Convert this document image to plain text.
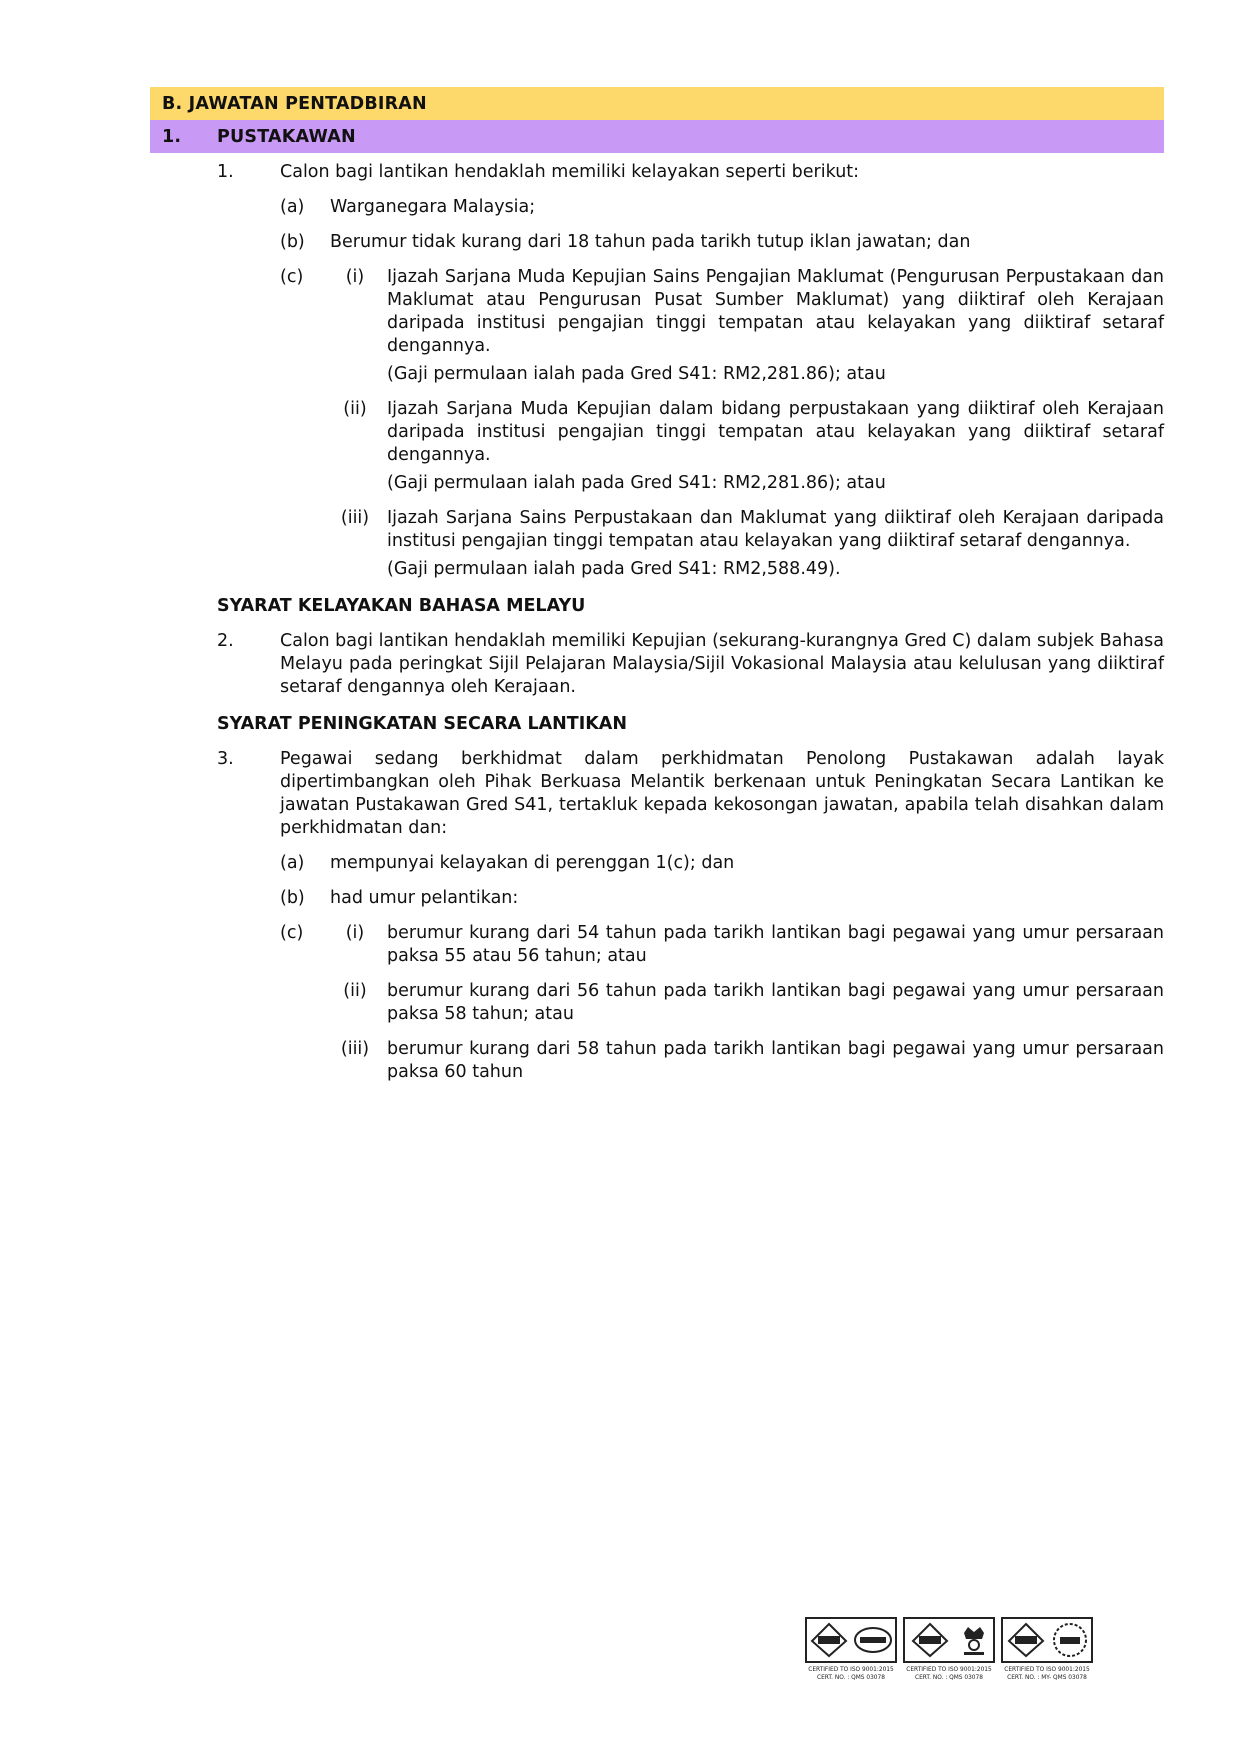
B. JAWATAN PENTADBIRAN
1.	PUSTAKAWAN
1.	Calon bagi lantikan hendaklah memiliki kelayakan seperti berikut:
(a) Warganegara Malaysia;
(b) Berumur tidak kurang dari 18 tahun pada tarikh tutup iklan jawatan; dan
(c)	(i)	Ijazah Sarjana Muda Kepujian Sains Pengajian Maklumat (Pengurusan Perpustakaan dan Maklumat atau Pengurusan Pusat Sumber Maklumat) yang diiktiraf oleh Kerajaan daripada institusi pengajian tinggi tempatan atau kelayakan yang diiktiraf setaraf dengannya.
(Gaji permulaan ialah pada Gred S41: RM2,281.86); atau
(ii)	Ijazah Sarjana Muda Kepujian dalam bidang perpustakaan yang diiktiraf oleh Kerajaan daripada institusi pengajian tinggi tempatan atau kelayakan yang diiktiraf setaraf dengannya.
(Gaji permulaan ialah pada Gred S41: RM2,281.86); atau
(iii)	Ijazah Sarjana Sains Perpustakaan dan Maklumat yang diiktiraf oleh Kerajaan daripada institusi pengajian tinggi tempatan atau kelayakan yang diiktiraf setaraf dengannya.
(Gaji permulaan ialah pada Gred S41: RM2,588.49).
SYARAT KELAYAKAN BAHASA MELAYU
2.	Calon bagi lantikan hendaklah memiliki Kepujian (sekurang-kurangnya Gred C) dalam subjek Bahasa Melayu pada peringkat Sijil Pelajaran Malaysia/Sijil Vokasional Malaysia atau kelulusan yang diiktiraf setaraf dengannya oleh Kerajaan.
SYARAT PENINGKATAN SECARA LANTIKAN
3.	Pegawai sedang berkhidmat dalam perkhidmatan Penolong Pustakawan adalah layak dipertimbangkan oleh Pihak Berkuasa Melantik berkenaan untuk Peningkatan Secara Lantikan ke jawatan Pustakawan Gred S41, tertakluk kepada kekosongan jawatan, apabila telah disahkan dalam perkhidmatan dan:
(a) mempunyai kelayakan di perenggan 1(c); dan
(b) had umur pelantikan:
(c)	(i)	berumur kurang dari 54 tahun pada tarikh lantikan bagi pegawai yang umur persaraan paksa 55 atau 56 tahun; atau
(ii)	berumur kurang dari 56 tahun pada tarikh lantikan bagi pegawai yang umur persaraan paksa 58 tahun; atau
(iii)	berumur kurang dari 58 tahun pada tarikh lantikan bagi pegawai yang umur persaraan paksa 60 tahun
CERTIFIED TO ISO 9001:2015 CERT. NO. : QMS 03078
CERTIFIED TO ISO 9001:2015 CERT. NO. : QMS 03078
CERTIFIED TO ISO 9001:2015 CERT. NO. : MY- QMS 03078
